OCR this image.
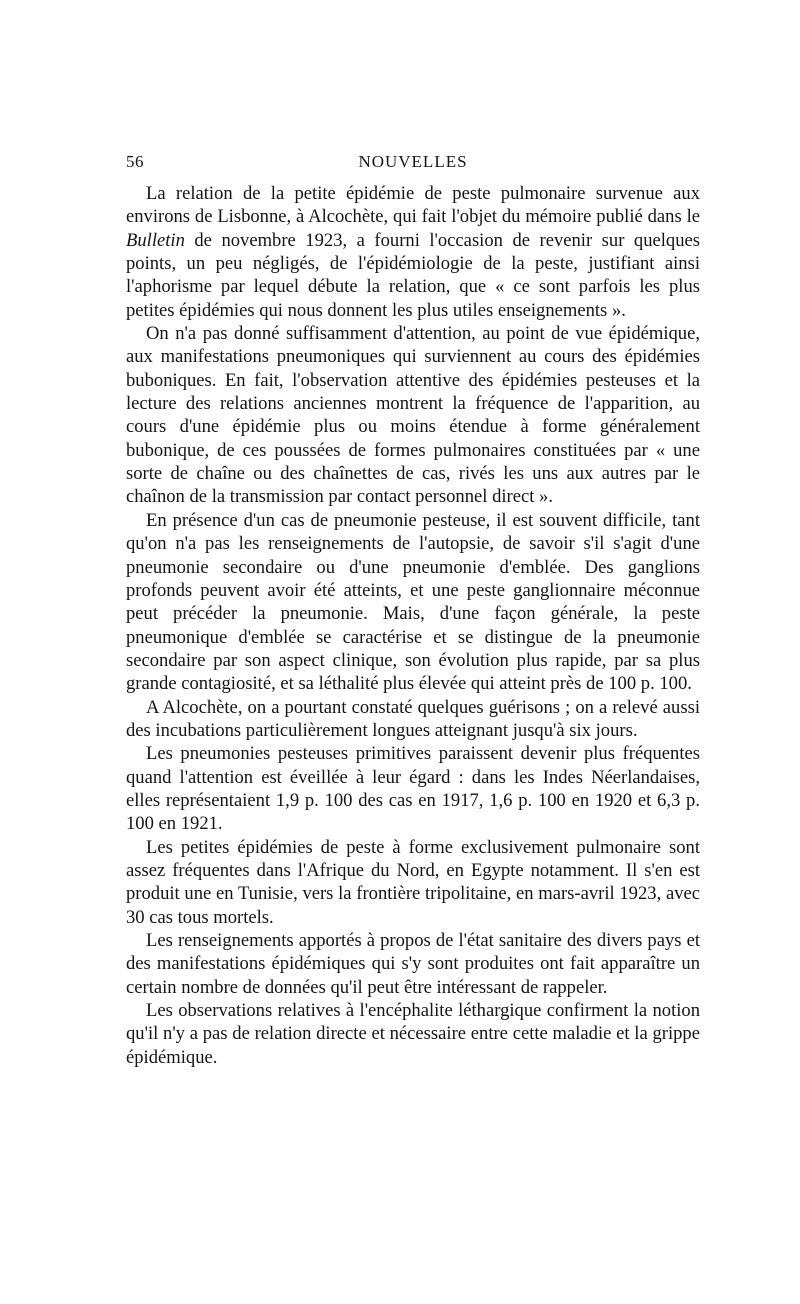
56	NOUVELLES

La relation de la petite épidémie de peste pulmonaire survenue aux environs de Lisbonne, à Alcochète, qui fait l'objet du mémoire publié dans le Bulletin de novembre 1923, a fourni l'occasion de revenir sur quelques points, un peu négligés, de l'épidémiologie de la peste, justifiant ainsi l'aphorisme par lequel débute la relation, que « ce sont parfois les plus petites épidémies qui nous donnent les plus utiles enseignements ».

On n'a pas donné suffisamment d'attention, au point de vue épidémique, aux manifestations pneumoniques qui surviennent au cours des épidémies buboniques. En fait, l'observation attentive des épidémies pesteuses et la lecture des relations anciennes montrent la fréquence de l'apparition, au cours d'une épidémie plus ou moins étendue à forme généralement bubonique, de ces poussées de formes pulmonaires constituées par « une sorte de chaîne ou des chaînettes de cas, rivés les uns aux autres par le chaînon de la transmission par contact personnel direct ».

En présence d'un cas de pneumonie pesteuse, il est souvent difficile, tant qu'on n'a pas les renseignements de l'autopsie, de savoir s'il s'agit d'une pneumonie secondaire ou d'une pneumonie d'emblée. Des ganglions profonds peuvent avoir été atteints, et une peste ganglionnaire méconnue peut précéder la pneumonie. Mais, d'une façon générale, la peste pneumonique d'emblée se caractérise et se distingue de la pneumonie secondaire par son aspect clinique, son évolution plus rapide, par sa plus grande contagiosité, et sa léthalité plus élevée qui atteint près de 100 p. 100.

A Alcochète, on a pourtant constaté quelques guérisons ; on a relevé aussi des incubations particulièrement longues atteignant jusqu'à six jours.

Les pneumonies pesteuses primitives paraissent devenir plus fréquentes quand l'attention est éveillée à leur égard : dans les Indes Néerlandaises, elles représentaient 1,9 p. 100 des cas en 1917, 1,6 p. 100 en 1920 et 6,3 p. 100 en 1921.

Les petites épidémies de peste à forme exclusivement pulmonaire sont assez fréquentes dans l'Afrique du Nord, en Egypte notamment. Il s'en est produit une en Tunisie, vers la frontière tripolitaine, en mars-avril 1923, avec 30 cas tous mortels.

Les renseignements apportés à propos de l'état sanitaire des divers pays et des manifestations épidémiques qui s'y sont produites ont fait apparaître un certain nombre de données qu'il peut être intéressant de rappeler.

Les observations relatives à l'encéphalite léthargique confirment la notion qu'il n'y a pas de relation directe et nécessaire entre cette maladie et la grippe épidémique.
